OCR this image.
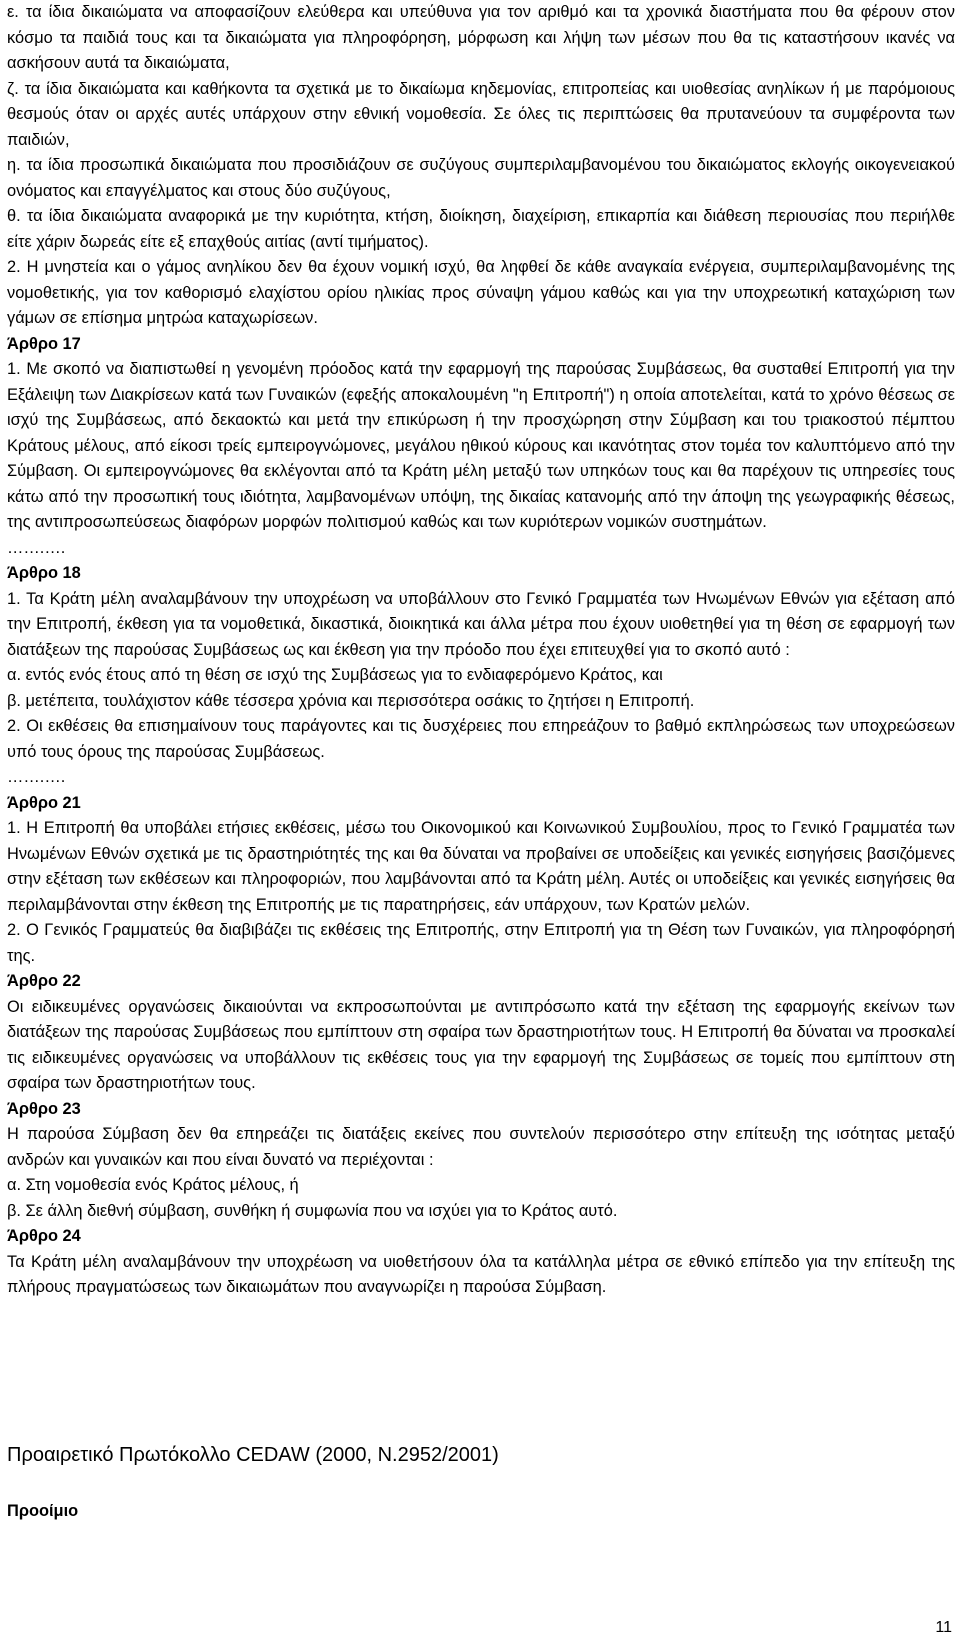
ε. τα ίδια δικαιώματα να αποφασίζουν ελεύθερα και υπεύθυνα για τον αριθμό και τα χρονικά διαστήματα που θα φέρουν στον κόσμο τα παιδιά τους και τα δικαιώματα για πληροφόρηση, μόρφωση και λήψη των μέσων που θα τις καταστήσουν ικανές να ασκήσουν αυτά τα δικαιώματα,

ζ. τα ίδια δικαιώματα και καθήκοντα τα σχετικά με το δικαίωμα κηδεμονίας, επιτροπείας και υιοθεσίας ανηλίκων ή με παρόμοιους θεσμούς όταν οι αρχές αυτές υπάρχουν στην εθνική νομοθεσία. Σε όλες τις περιπτώσεις θα πρυτανεύουν τα συμφέροντα των παιδιών,

η. τα ίδια προσωπικά δικαιώματα που προσιδιάζουν σε συζύγους συμπεριλαμβανομένου του δικαιώματος εκλογής οικογενειακού ονόματος και επαγγέλματος και στους δύο συζύγους,

θ. τα ίδια δικαιώματα αναφορικά με την κυριότητα, κτήση, διοίκηση, διαχείριση, επικαρπία και διάθεση περιουσίας που περιήλθε είτε χάριν δωρεάς είτε εξ επαχθούς αιτίας (αντί τιμήματος).

2. Η μνηστεία και ο γάμος ανηλίκου δεν θα έχουν νομική ισχύ, θα ληφθεί δε κάθε αναγκαία ενέργεια, συμπεριλαμβανομένης της νομοθετικής, για τον καθορισμό ελαχίστου ορίου ηλικίας προς σύναψη γάμου καθώς και για την υποχρεωτική καταχώριση των γάμων σε επίσημα μητρώα καταχωρίσεων.

Άρθρο 17

1. Με σκοπό να διαπιστωθεί η γενομένη πρόοδος κατά την εφαρμογή της παρούσας Συμβάσεως, θα συσταθεί Επιτροπή για την Εξάλειψη των Διακρίσεων κατά των Γυναικών (εφεξής αποκαλουμένη "η Επιτροπή") η οποία αποτελείται, κατά το χρόνο θέσεως σε ισχύ της Συμβάσεως, από δεκαοκτώ και μετά την επικύρωση ή την προσχώρηση στην Σύμβαση και του τριακοστού πέμπτου Κράτους μέλους, από είκοσι τρείς εμπειρογνώμονες, μεγάλου ηθικού κύρους και ικανότητας στον τομέα τον καλυπτόμενο από την Σύμβαση. Οι εμπειρογνώμονες θα εκλέγονται από τα Κράτη μέλη μεταξύ των υπηκόων τους και θα παρέχουν τις υπηρεσίες τους κάτω από την προσωπική τους ιδιότητα, λαμβανομένων υπόψη, της δικαίας κατανομής από την άποψη της γεωγραφικής θέσεως, της αντιπροσωπεύσεως διαφόρων μορφών πολιτισμού καθώς και των κυριότερων νομικών συστημάτων.

…….….

Άρθρο 18

1. Τα Κράτη μέλη αναλαμβάνουν την υποχρέωση να υποβάλλουν στο Γενικό Γραμματέα των Ηνωμένων Εθνών για εξέταση από την Επιτροπή, έκθεση για τα νομοθετικά, δικαστικά, διοικητικά και άλλα μέτρα που έχουν υιοθετηθεί για τη θέση σε εφαρμογή των διατάξεων της παρούσας Συμβάσεως ως και έκθεση για την πρόοδο που έχει επιτευχθεί για το σκοπό αυτό :

α. εντός ενός έτους από τη θέση σε ισχύ της Συμβάσεως για το ενδιαφερόμενο Κράτος, και

β. μετέπειτα, τουλάχιστον κάθε τέσσερα χρόνια και περισσότερα οσάκις το ζητήσει η Επιτροπή.

2. Οι εκθέσεις θα επισημαίνουν τους παράγοντες και τις δυσχέρειες που επηρεάζουν το βαθμό εκπληρώσεως των υποχρεώσεων υπό τους όρους της παρούσας Συμβάσεως.

…….….

Άρθρο 21

1. Η Επιτροπή θα υποβάλει ετήσιες εκθέσεις, μέσω του Οικονομικού και Κοινωνικού Συμβουλίου, προς το Γενικό Γραμματέα των Ηνωμένων Εθνών σχετικά με τις δραστηριότητές της και θα δύναται να προβαίνει σε υποδείξεις και γενικές εισηγήσεις βασιζόμενες στην εξέταση των εκθέσεων και πληροφοριών, που λαμβάνονται από τα Κράτη μέλη. Αυτές οι υποδείξεις και γενικές εισηγήσεις θα περιλαμβάνονται στην έκθεση της Επιτροπής με τις παρατηρήσεις, εάν υπάρχουν, των Κρατών μελών.

2. Ο Γενικός Γραμματεύς θα διαβιβάζει τις εκθέσεις της Επιτροπής, στην Επιτροπή για τη Θέση των Γυναικών, για πληροφόρησή της.

Άρθρο 22

Οι ειδικευμένες οργανώσεις δικαιούνται να εκπροσωπούνται με αντιπρόσωπο κατά την εξέταση της εφαρμογής εκείνων των διατάξεων της παρούσας Συμβάσεως που εμπίπτουν στη σφαίρα των δραστηριοτήτων τους. Η Επιτροπή θα δύναται να προσκαλεί τις ειδικευμένες οργανώσεις να υποβάλλουν τις εκθέσεις τους για την εφαρμογή της Συμβάσεως σε τομείς που εμπίπτουν στη σφαίρα των δραστηριοτήτων τους.

Άρθρο 23

Η παρούσα Σύμβαση δεν θα επηρεάζει τις διατάξεις εκείνες που συντελούν περισσότερο στην επίτευξη της ισότητας μεταξύ ανδρών και γυναικών και που είναι δυνατό να περιέχονται :

α. Στη νομοθεσία ενός Κράτος μέλους, ή

β. Σε άλλη διεθνή σύμβαση, συνθήκη ή συμφωνία που να ισχύει για το Κράτος αυτό.

Άρθρο 24

Τα Κράτη μέλη αναλαμβάνουν την υποχρέωση να υιοθετήσουν όλα τα κατάλληλα μέτρα σε εθνικό επίπεδο για την επίτευξη της πλήρους πραγματώσεως των δικαιωμάτων που αναγνωρίζει η παρούσα Σύμβαση.

Προαιρετικό Πρωτόκολλο CEDAW (2000, Ν.2952/2001)

Προοίμιο

11
